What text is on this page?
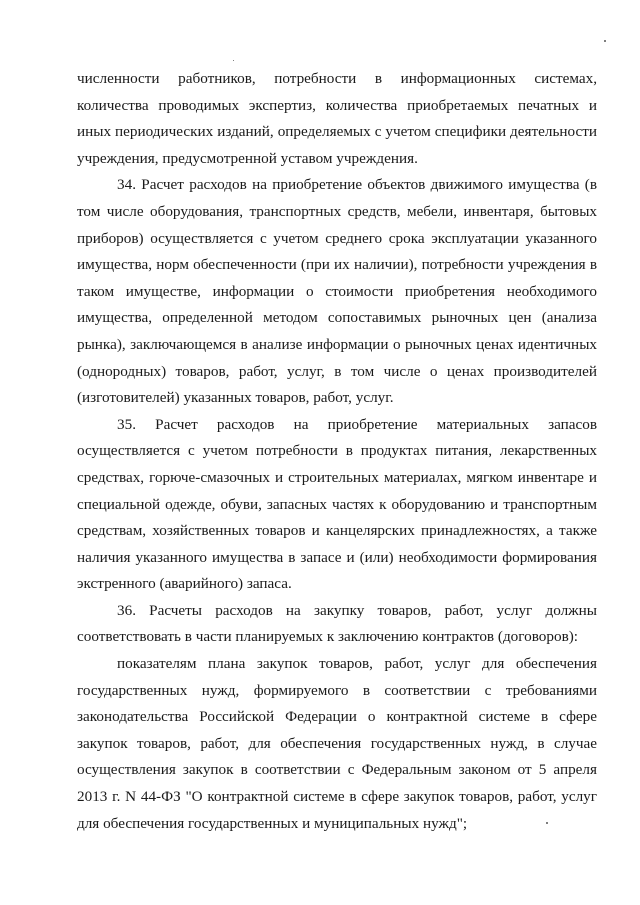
численности работников, потребности в информационных системах, количества проводимых экспертиз, количества приобретаемых печатных и иных периодических изданий, определяемых с учетом специфики деятельности учреждения, предусмотренной уставом учреждения.

34. Расчет расходов на приобретение объектов движимого имущества (в том числе оборудования, транспортных средств, мебели, инвентаря, бытовых приборов) осуществляется с учетом среднего срока эксплуатации указанного имущества, норм обеспеченности (при их наличии), потребности учреждения в таком имуществе, информации о стоимости приобретения необходимого имущества, определенной методом сопоставимых рыночных цен (анализа рынка), заключающемся в анализе информации о рыночных ценах идентичных (однородных) товаров, работ, услуг, в том числе о ценах производителей (изготовителей) указанных товаров, работ, услуг.

35. Расчет расходов на приобретение материальных запасов осуществляется с учетом потребности в продуктах питания, лекарственных средствах, горюче-смазочных и строительных материалах, мягком инвентаре и специальной одежде, обуви, запасных частях к оборудованию и транспортным средствам, хозяйственных товаров и канцелярских принадлежностях, а также наличия указанного имущества в запасе и (или) необходимости формирования экстренного (аварийного) запаса.

36. Расчеты расходов на закупку товаров, работ, услуг должны соответствовать в части планируемых к заключению контрактов (договоров):

показателям плана закупок товаров, работ, услуг для обеспечения государственных нужд, формируемого в соответствии с требованиями законодательства Российской Федерации о контрактной системе в сфере закупок товаров, работ, для обеспечения государственных нужд, в случае осуществления закупок в соответствии с Федеральным законом от 5 апреля 2013 г. N 44-ФЗ "О контрактной системе в сфере закупок товаров, работ, услуг для обеспечения государственных и муниципальных нужд";
